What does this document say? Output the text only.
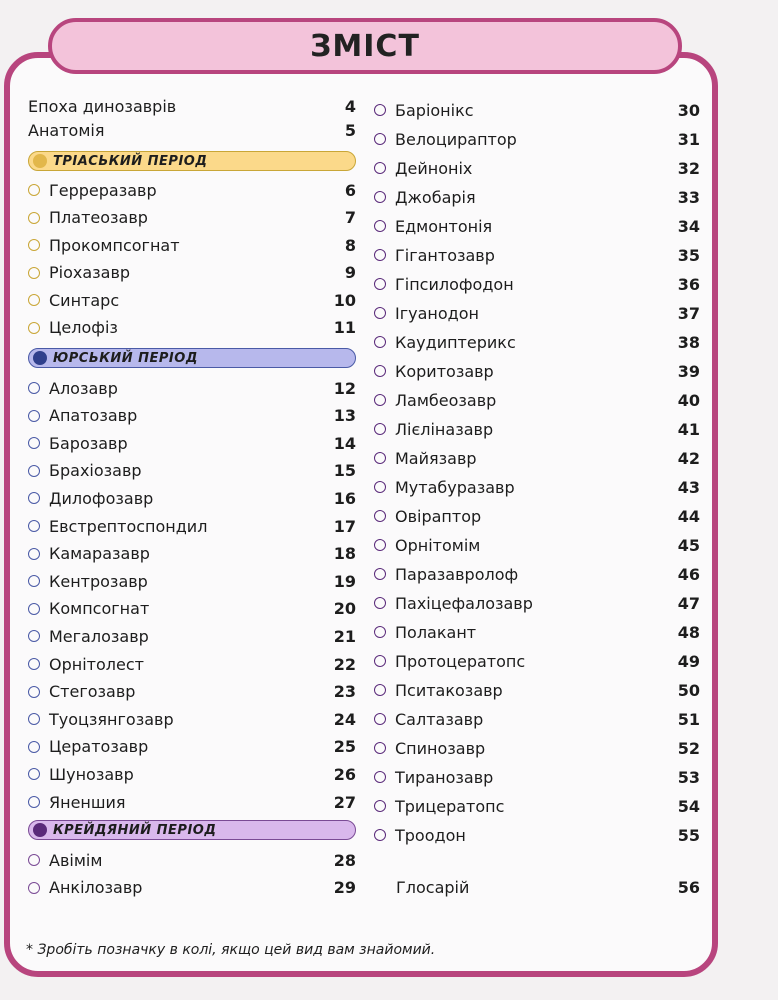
ЗМІСТ
Епоха динозаврів	4
Анатомія	5
ТРІАСЬКИЙ ПЕРІОД
Геррерaзавр	6
Платеозавр	7
Прокомпсогнат	8
Ріохазавр	9
Синтарс	10
Целофіз	11
ЮРСЬКИЙ ПЕРІОД
Алозавр	12
Апатозавр	13
Барозавр	14
Брахіозавр	15
Дилофозавр	16
Евстрептоспондил	17
Камаразавр	18
Кентрозавр	19
Компсогнат	20
Мегалозавр	21
Орнітолест	22
Стегозавр	23
Туоцзянгозавр	24
Цератозавр	25
Шунозавр	26
Яненшия	27
КРЕЙДЯНИЙ ПЕРІОД
Авімім	28
Анкілозавр	29
Баріонікс	30
Велоцираптор	31
Дейноніх	32
Джобарія	33
Едмонтонія	34
Гігантозавр	35
Гіпсилофодон	36
Ігуанодон	37
Каудиптерикс	38
Коритозавр	39
Ламбеозавр	40
Лієліназавр	41
Майязавр	42
Мутабуразавр	43
Овіраптор	44
Орнітомім	45
Паразавролоф	46
Пахіцефалозавр	47
Полакант	48
Протоцератопс	49
Пситакозавр	50
Салтазавр	51
Спинозавр	52
Тиранозавр	53
Трицератопс	54
Троодон	55
Глосарій	56
* Зробіть позначку в колі, якщо цей вид вам знайомий.
